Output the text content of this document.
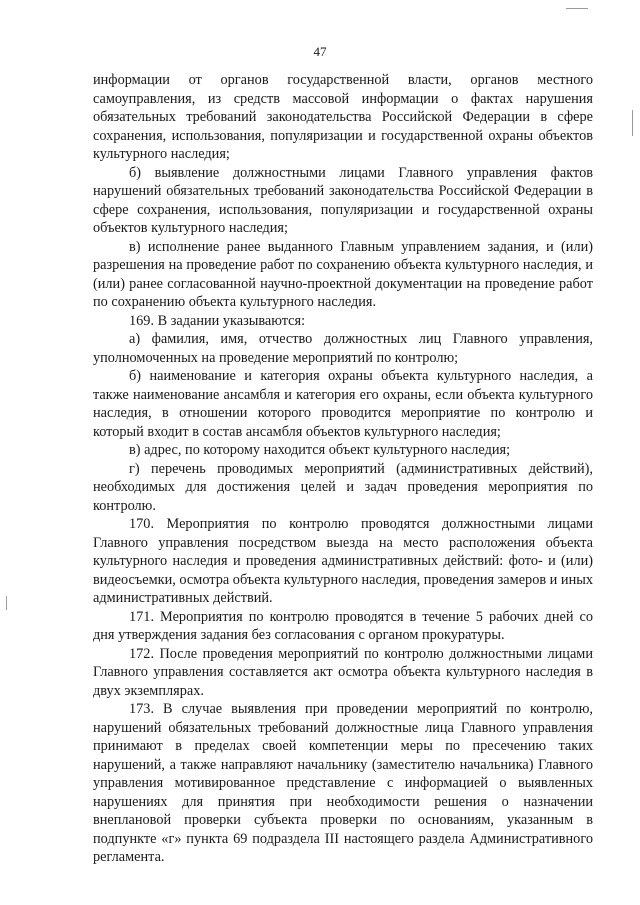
47

информации от органов государственной власти, органов местного самоуправления, из средств массовой информации о фактах нарушения обязательных требований законодательства Российской Федерации в сфере сохранения, использования, популяризации и государственной охраны объектов культурного наследия;

б) выявление должностными лицами Главного управления фактов нарушений обязательных требований законодательства Российской Федерации в сфере сохранения, использования, популяризации и государственной охраны объектов культурного наследия;

в) исполнение ранее выданного Главным управлением задания, и (или) разрешения на проведение работ по сохранению объекта культурного наследия, и (или) ранее согласованной научно-проектной документации на проведение работ по сохранению объекта культурного наследия.

169. В задании указываются:

а) фамилия, имя, отчество должностных лиц Главного управления, уполномоченных на проведение мероприятий по контролю;

б) наименование и категория охраны объекта культурного наследия, а также наименование ансамбля и категория его охраны, если объекта культурного наследия, в отношении которого проводится мероприятие по контролю и который входит в состав ансамбля объектов культурного наследия;

в) адрес, по которому находится объект культурного наследия;

г) перечень проводимых мероприятий (административных действий), необходимых для достижения целей и задач проведения мероприятия по контролю.

170. Мероприятия по контролю проводятся должностными лицами Главного управления посредством выезда на место расположения объекта культурного наследия и проведения административных действий: фото- и (или) видеосъемки, осмотра объекта культурного наследия, проведения замеров и иных административных действий.

171. Мероприятия по контролю проводятся в течение 5 рабочих дней со дня утверждения задания без согласования с органом прокуратуры.

172. После проведения мероприятий по контролю должностными лицами Главного управления составляется акт осмотра объекта культурного наследия в двух экземплярах.

173. В случае выявления при проведении мероприятий по контролю, нарушений обязательных требований должностные лица Главного управления принимают в пределах своей компетенции меры по пресечению таких нарушений, а также направляют начальнику (заместителю начальника) Главного управления мотивированное представление с информацией о выявленных нарушениях для принятия при необходимости решения о назначении внеплановой проверки субъекта проверки по основаниям, указанным в подпункте «г» пункта 69 подраздела III настоящего раздела Административного регламента.
